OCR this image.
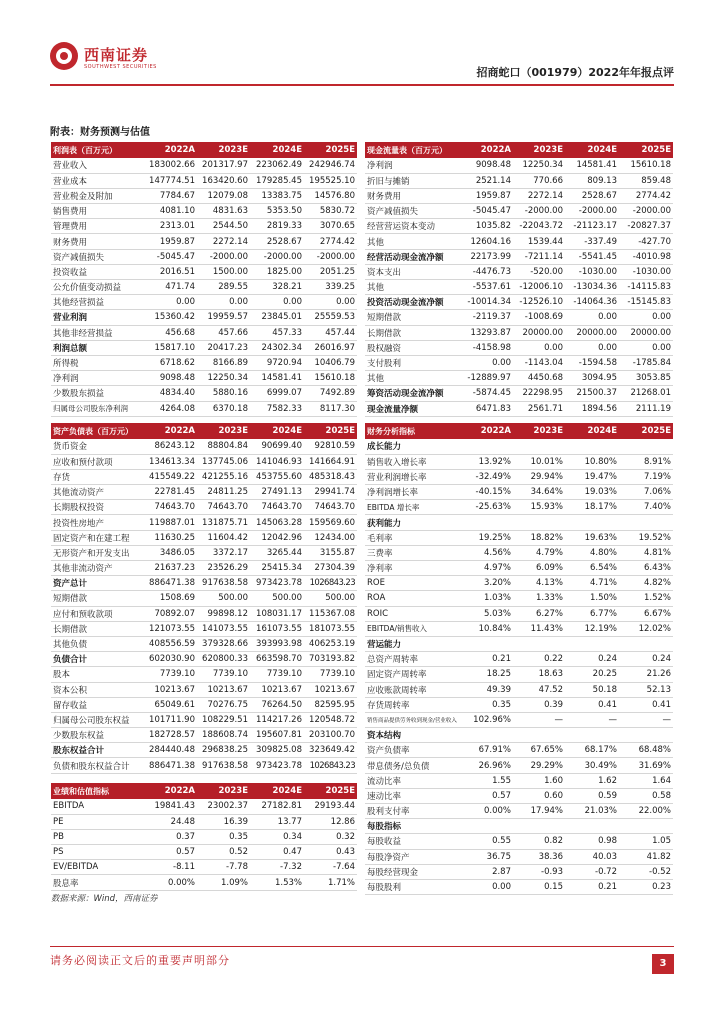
西南证券
SOUTHWEST SECURITIES	招商蛇口（001979）2022年年报点评
附表：财务预测与估值
利润表（百万元）	2022A	2023E	2024E	2025E
营业收入	183002.66	201317.97	223062.49	242946.74
营业成本	147774.51	163420.60	179285.45	195525.10
营业税金及附加	7784.67	12079.08	13383.75	14576.80
销售费用	4081.10	4831.63	5353.50	5830.72
管理费用	2313.01	2544.50	2819.33	3070.65
财务费用	1959.87	2272.14	2528.67	2774.42
资产减值损失	-5045.47	-2000.00	-2000.00	-2000.00
投资收益	2016.51	1500.00	1825.00	2051.25
公允价值变动损益	471.74	289.55	328.21	339.25
其他经营损益	0.00	0.00	0.00	0.00
营业利润	15360.42	19959.57	23845.01	25559.53
其他非经营损益	456.68	457.66	457.33	457.44
利润总额	15817.10	20417.23	24302.34	26016.97
所得税	6718.62	8166.89	9720.94	10406.79
净利润	9098.48	12250.34	14581.41	15610.18
少数股东损益	4834.40	5880.16	6999.07	7492.89
归属母公司股东净利润	4264.08	6370.18	7582.33	8117.30
现金流量表（百万元）	2022A	2023E	2024E	2025E
净利润	9098.48	12250.34	14581.41	15610.18
折旧与摊销	2521.14	770.66	809.13	859.48
财务费用	1959.87	2272.14	2528.67	2774.42
资产减值损失	-5045.47	-2000.00	-2000.00	-2000.00
经营营运资本变动	1035.82	-22043.72	-21123.17	-20827.37
其他	12604.16	1539.44	-337.49	-427.70
经营活动现金流净额	22173.99	-7211.14	-5541.45	-4010.98
资本支出	-4476.73	-520.00	-1030.00	-1030.00
其他	-5537.61	-12006.10	-13034.36	-14115.83
投资活动现金流净额	-10014.34	-12526.10	-14064.36	-15145.83
短期借款	-2119.37	-1008.69	0.00	0.00
长期借款	13293.87	20000.00	20000.00	20000.00
股权融资	-4158.98	0.00	0.00	0.00
支付股利	0.00	-1143.04	-1594.58	-1785.84
其他	-12889.97	4450.68	3094.95	3053.85
筹资活动现金流净额	-5874.45	22298.95	21500.37	21268.01
现金流量净额	6471.83	2561.71	1894.56	2111.19
资产负债表（百万元）	2022A	2023E	2024E	2025E
货币资金	86243.12	88804.84	90699.40	92810.59
应收和预付款项	134613.34	137745.06	141046.93	141664.91
存货	415549.22	421255.16	453755.60	485318.43
其他流动资产	22781.45	24811.25	27491.13	29941.74
长期股权投资	74643.70	74643.70	74643.70	74643.70
投资性房地产	119887.01	131875.71	145063.28	159569.60
固定资产和在建工程	11630.25	11604.42	12042.96	12434.00
无形资产和开发支出	3486.05	3372.17	3265.44	3155.87
其他非流动资产	21637.23	23526.29	25415.34	27304.39
资产总计	886471.38	917638.58	973423.78	1026843.23
短期借款	1508.69	500.00	500.00	500.00
应付和预收款项	70892.07	99898.12	108031.17	115367.08
长期借款	121073.55	141073.55	161073.55	181073.55
其他负债	408556.59	379328.66	393993.98	406253.19
负债合计	602030.90	620800.33	663598.70	703193.82
股本	7739.10	7739.10	7739.10	7739.10
资本公积	10213.67	10213.67	10213.67	10213.67
留存收益	65049.61	70276.75	76264.50	82595.95
归属母公司股东权益	101711.90	108229.51	114217.26	120548.72
少数股东权益	182728.57	188608.74	195607.81	203100.70
股东权益合计	284440.48	296838.25	309825.08	323649.42
负债和股东权益合计	886471.38	917638.58	973423.78	1026843.23
财务分析指标	2022A	2023E	2024E	2025E
成长能力				
销售收入增长率	13.92%	10.01%	10.80%	8.91%
营业利润增长率	-32.49%	29.94%	19.47%	7.19%
净利润增长率	-40.15%	34.64%	19.03%	7.06%
EBITDA 增长率	-25.63%	15.93%	18.17%	7.40%
获利能力				
毛利率	19.25%	18.82%	19.63%	19.52%
三费率	4.56%	4.79%	4.80%	4.81%
净利率	4.97%	6.09%	6.54%	6.43%
ROE	3.20%	4.13%	4.71%	4.82%
ROA	1.03%	1.33%	1.50%	1.52%
ROIC	5.03%	6.27%	6.77%	6.67%
EBITDA/销售收入	10.84%	11.43%	12.19%	12.02%
营运能力				
总资产周转率	0.21	0.22	0.24	0.24
固定资产周转率	18.25	18.63	20.25	21.26
应收账款周转率	49.39	47.52	50.18	52.13
存货周转率	0.35	0.39	0.41	0.41
销售商品提供劳务收到现金/营业收入	102.96%	—	—	—
资本结构				
资产负债率	67.91%	67.65%	68.17%	68.48%
带息债务/总负债	26.96%	29.29%	30.49%	31.69%
流动比率	1.55	1.60	1.62	1.64
速动比率	0.57	0.60	0.59	0.58
股利支付率	0.00%	17.94%	21.03%	22.00%
每股指标				
每股收益	0.55	0.82	0.98	1.05
每股净资产	36.75	38.36	40.03	41.82
每股经营现金	2.87	-0.93	-0.72	-0.52
每股股利	0.00	0.15	0.21	0.23
业绩和估值指标	2022A	2023E	2024E	2025E
EBITDA	19841.43	23002.37	27182.81	29193.44
PE	24.48	16.39	13.77	12.86
PB	0.37	0.35	0.34	0.32
PS	0.57	0.52	0.47	0.43
EV/EBITDA	-8.11	-7.78	-7.32	-7.64
股息率	0.00%	1.09%	1.53%	1.71%
数据来源：Wind，西南证券
请务必阅读正文后的重要声明部分	3
